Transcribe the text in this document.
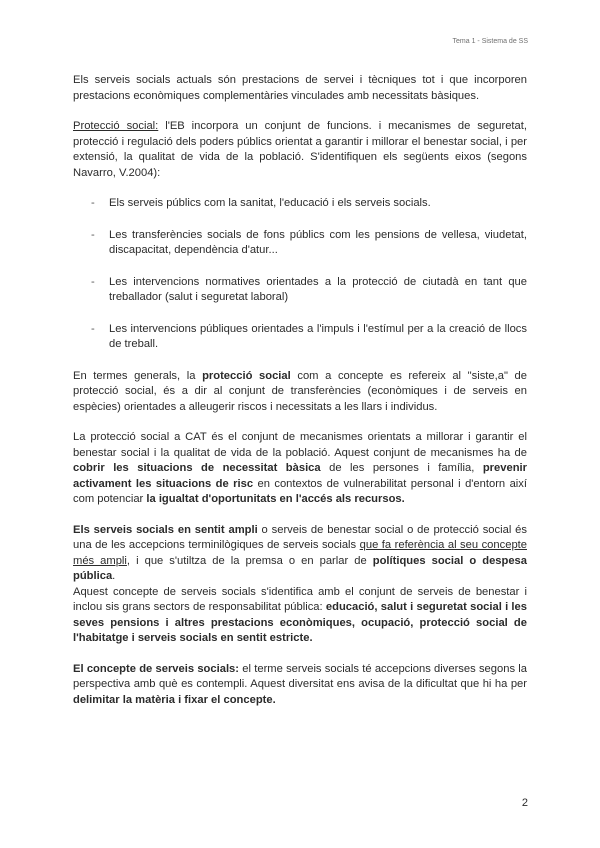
Tema 1 - Sistema de SS

Els serveis socials actuals són prestacions de servei i tècniques tot i que incorporen prestacions econòmiques complementàries vinculades amb necessitats bàsiques.

Protecció social: l'EB incorpora un conjunt de funcions. i mecanismes de seguretat, protecció i regulació dels poders públics orientat a garantir i millorar el benestar social, i per extensió, la qualitat de vida de la població. S'identifiquen els següents eixos (segons Navarro, V.2004):

- Els serveis públics com la sanitat, l'educació i els serveis socials.
- Les transferències socials de fons públics com les pensions de vellesa, viudetat, discapacitat, dependència d'atur...
- Les intervencions normatives orientades a la protecció de ciutadà en tant que treballador (salut i seguretat laboral)
- Les intervencions públiques orientades a l'impuls i l'estímul per a la creació de llocs de treball.

En termes generals, la protecció social com a concepte es refereix al "siste,a" de protecció social, és a dir al conjunt de transferències (econòmiques i de serveis en espècies) orientades a alleugerir riscos i necessitats a les llars i individus.

La protecció social a CAT és el conjunt de mecanismes orientats a millorar i garantir el benestar social i la qualitat de vida de la població. Aquest conjunt de mecanismes ha de cobrir les situacions de necessitat bàsica de les persones i família, prevenir activament les situacions de risc en contextos de vulnerabilitat personal i d'entorn així com potenciar la igualtat d'oportunitats en l'accés als recursos.

Els serveis socials en sentit ampli o serveis de benestar social o de protecció social és una de les accepcions terminilògiques de serveis socials que fa referència al seu concepte més ampli, i que s'utiltza de la premsa o en parlar de polítiques social o despesa pública.

Aquest concepte de serveis socials s'identifica amb el conjunt de serveis de benestar i inclou sis grans sectors de responsabilitat pública: educació, salut i seguretat social i les seves pensions i altres prestacions econòmiques, ocupació, protecció social de l'habitatge i serveis socials en sentit estricte.

El concepte de serveis socials: el terme serveis socials té accepcions diverses segons la perspectiva amb què es contempli. Aquest diversitat ens avisa de la dificultat que hi ha per delimitar la matèria i fixar el concepte.

2
